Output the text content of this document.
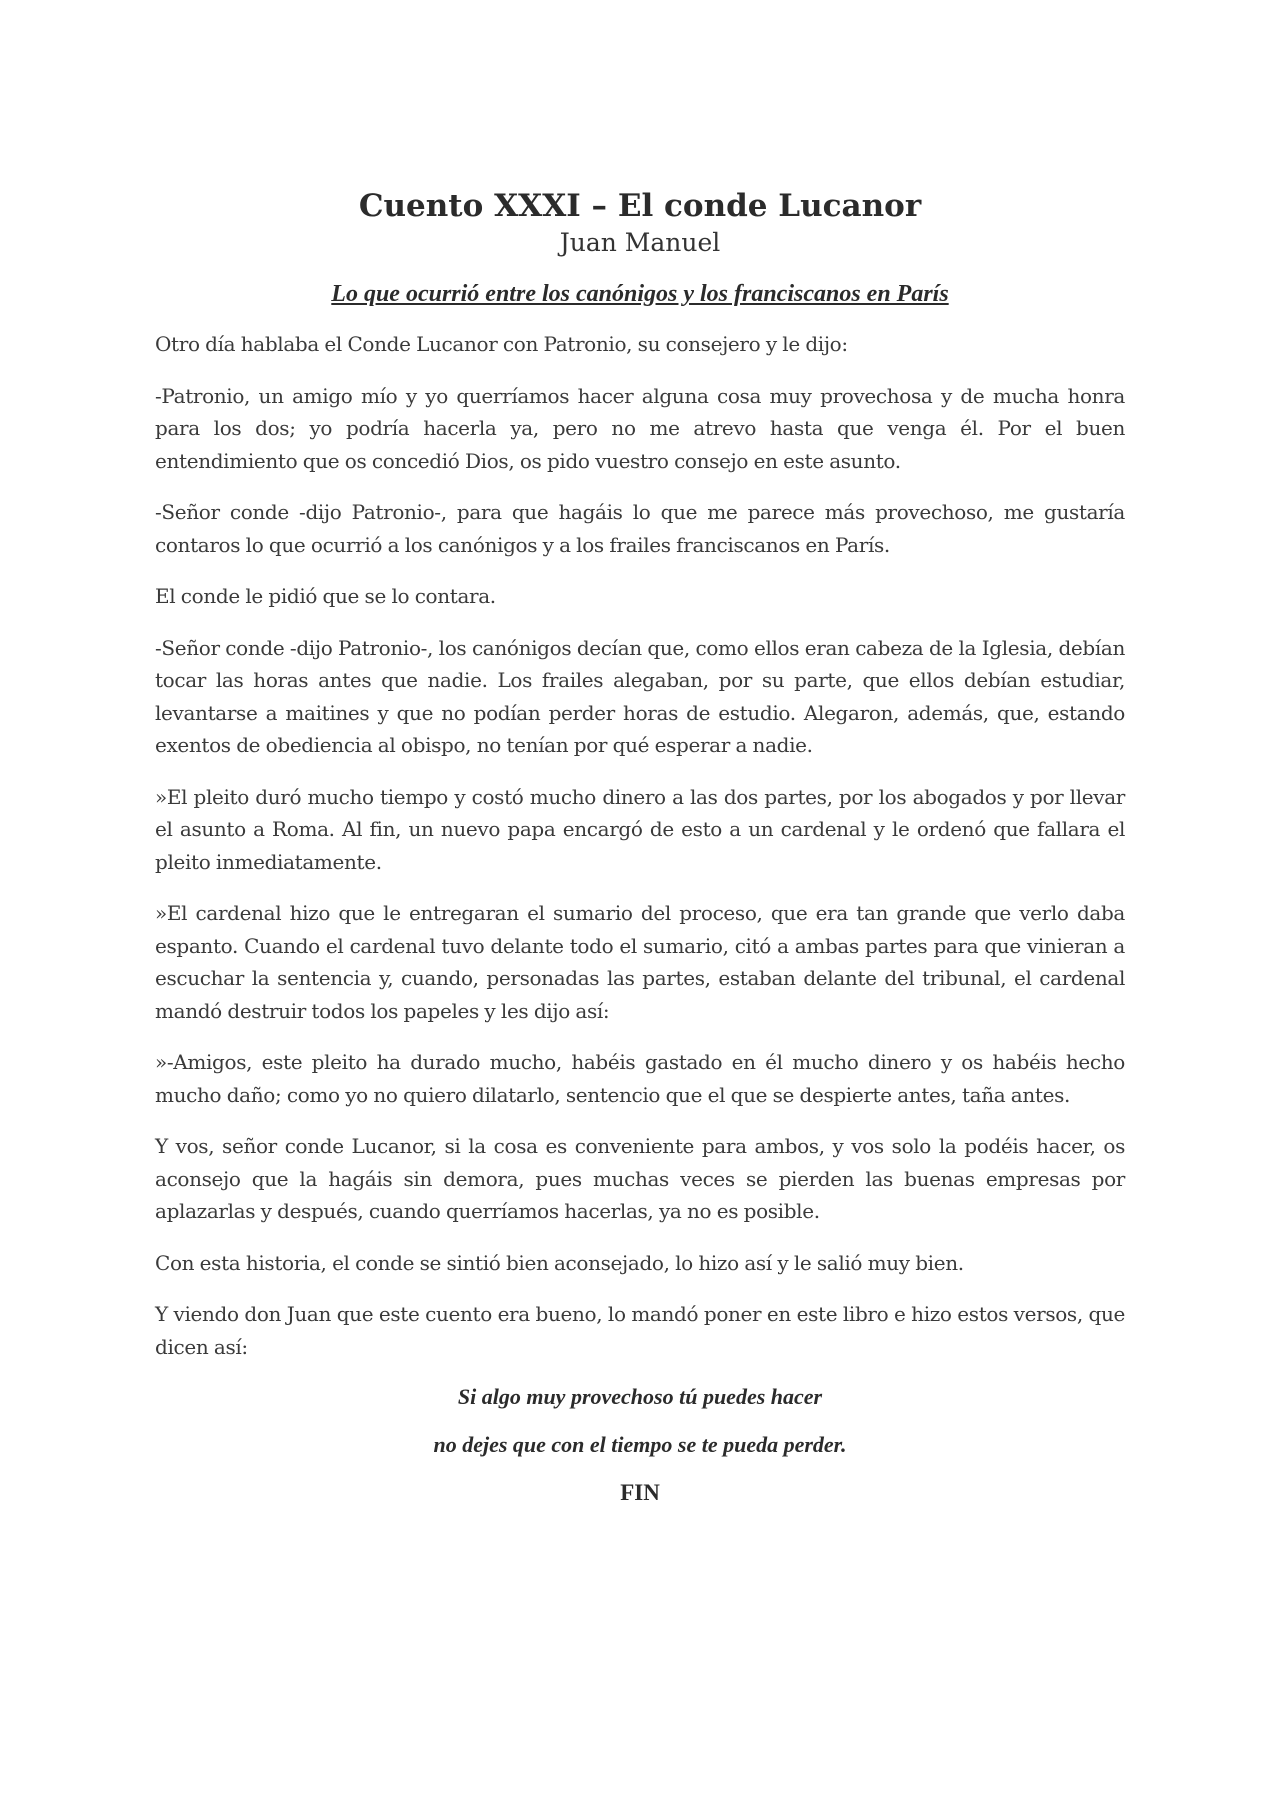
Cuento XXXI – El conde Lucanor
Juan Manuel
Lo que ocurrió entre los canónigos y los franciscanos en París

Otro día hablaba el Conde Lucanor con Patronio, su consejero y le dijo:

-Patronio, un amigo mío y yo querríamos hacer alguna cosa muy provechosa y de mucha honra para los dos; yo podría hacerla ya, pero no me atrevo hasta que venga él. Por el buen entendimiento que os concedió Dios, os pido vuestro consejo en este asunto.

-Señor conde -dijo Patronio-, para que hagáis lo que me parece más provechoso, me gustaría contaros lo que ocurrió a los canónigos y a los frailes franciscanos en París.

El conde le pidió que se lo contara.

-Señor conde -dijo Patronio-, los canónigos decían que, como ellos eran cabeza de la Iglesia, debían tocar las horas antes que nadie. Los frailes alegaban, por su parte, que ellos debían estudiar, levantarse a maitines y que no podían perder horas de estudio. Alegaron, además, que, estando exentos de obediencia al obispo, no tenían por qué esperar a nadie.

»El pleito duró mucho tiempo y costó mucho dinero a las dos partes, por los abogados y por llevar el asunto a Roma. Al fin, un nuevo papa encargó de esto a un cardenal y le ordenó que fallara el pleito inmediatamente.

»El cardenal hizo que le entregaran el sumario del proceso, que era tan grande que verlo daba espanto. Cuando el cardenal tuvo delante todo el sumario, citó a ambas partes para que vinieran a escuchar la sentencia y, cuando, personadas las partes, estaban delante del tribunal, el cardenal mandó destruir todos los papeles y les dijo así:

»-Amigos, este pleito ha durado mucho, habéis gastado en él mucho dinero y os habéis hecho mucho daño; como yo no quiero dilatarlo, sentencio que el que se despierte antes, taña antes.

Y vos, señor conde Lucanor, si la cosa es conveniente para ambos, y vos solo la podéis hacer, os aconsejo que la hagáis sin demora, pues muchas veces se pierden las buenas empresas por aplazarlas y después, cuando querríamos hacerlas, ya no es posible.

Con esta historia, el conde se sintió bien aconsejado, lo hizo así y le salió muy bien.

Y viendo don Juan que este cuento era bueno, lo mandó poner en este libro e hizo estos versos, que dicen así:

Si algo muy provechoso tú puedes hacer
no dejes que con el tiempo se te pueda perder.
FIN
